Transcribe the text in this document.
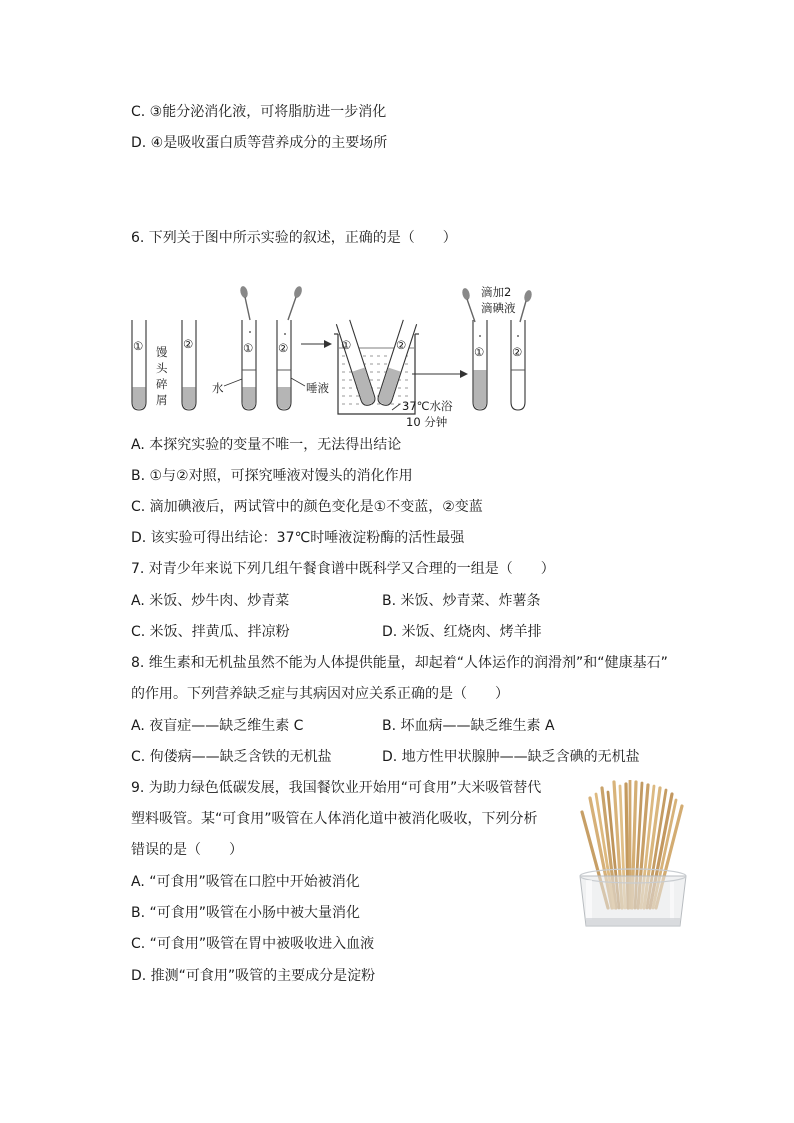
C. ③能分泌消化液，可将脂肪进一步消化
D. ④是吸收蛋白质等营养成分的主要场所
6. 下列关于图中所示实验的叙述，正确的是（　　）
① 馒
头
碎
屑
②	①
水
②
唾液
①	②
37℃水浴
10 分钟
① ②
滴加2
滴碘液
A. 本探究实验的变量不唯一，无法得出结论
B. ①与②对照，可探究唾液对馒头的消化作用
C. 滴加碘液后，两试管中的颜色变化是①不变蓝，②变蓝
D. 该实验可得出结论：37℃时唾液淀粉酶的活性最强
7. 对青少年来说下列几组午餐食谱中既科学又合理的一组是（　　）
A. 米饭、炒牛肉、炒青菜	B. 米饭、炒青菜、炸薯条
C. 米饭、拌黄瓜、拌凉粉	D. 米饭、红烧肉、烤羊排
8. 维生素和无机盐虽然不能为人体提供能量，却起着“人体运作的润滑剂”和“健康基石”
的作用。下列营养缺乏症与其病因对应关系正确的是（　　）
A. 夜盲症——缺乏维生素 C	B. 坏血病——缺乏维生素 A
C. 佝偻病——缺乏含铁的无机盐	D. 地方性甲状腺肿——缺乏含碘的无机盐
9. 为助力绿色低碳发展，我国餐饮业开始用“可食用”大米吸管替代
塑料吸管。某“可食用”吸管在人体消化道中被消化吸收，下列分析
错误的是（　　）
A. “可食用”吸管在口腔中开始被消化
B. “可食用”吸管在小肠中被大量消化
C. “可食用”吸管在胃中被吸收进入血液
D. 推测“可食用”吸管的主要成分是淀粉
